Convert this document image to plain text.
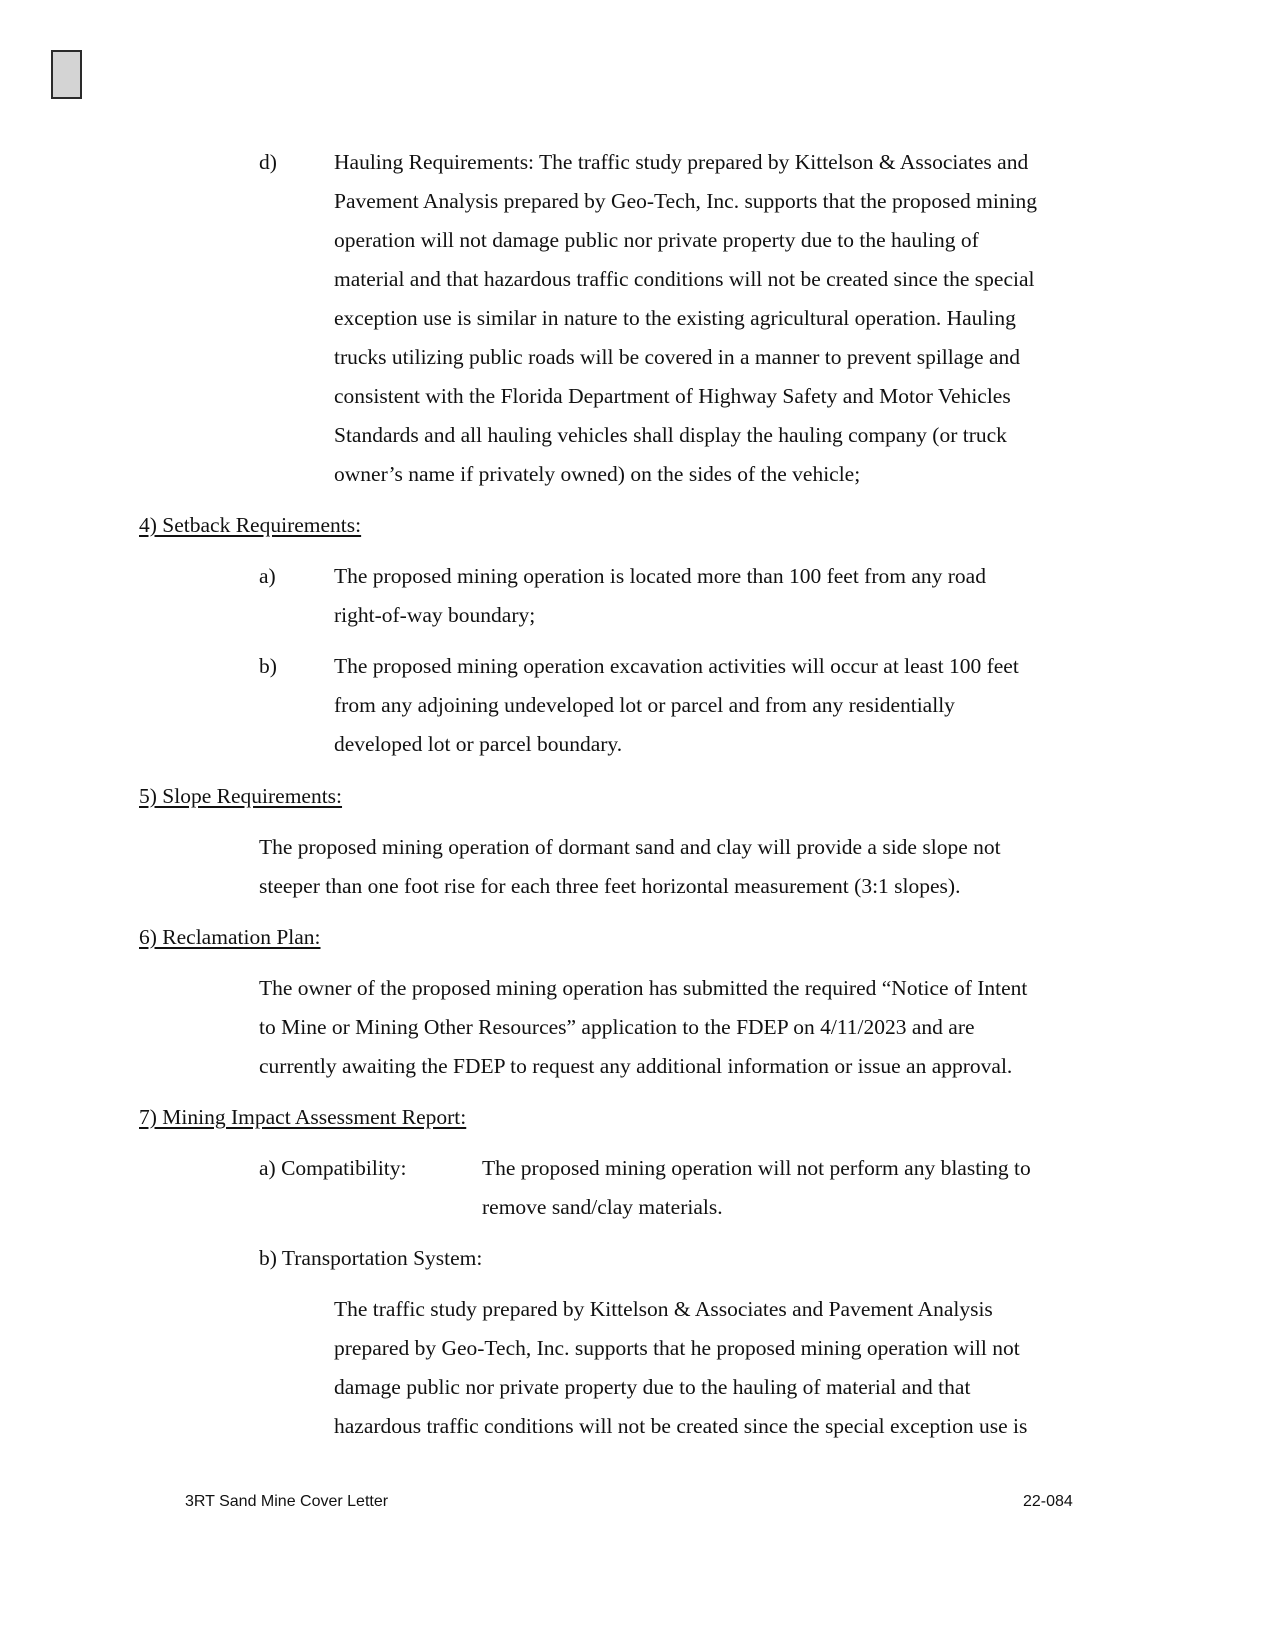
d)	Hauling Requirements: The traffic study prepared by Kittelson & Associates and
Pavement Analysis prepared by Geo-Tech, Inc. supports that the proposed mining
operation will not damage public nor private property due to the hauling of
material and that hazardous traffic conditions will not be created since the special
exception use is similar in nature to the existing agricultural operation. Hauling
trucks utilizing public roads will be covered in a manner to prevent spillage and
consistent with the Florida Department of Highway Safety and Motor Vehicles
Standards and all hauling vehicles shall display the hauling company (or truck
owner’s name if privately owned) on the sides of the vehicle;
4) Setback Requirements:
a)	The proposed mining operation is located more than 100 feet from any road
right-of-way boundary;
b)	The proposed mining operation excavation activities will occur at least 100 feet
from any adjoining undeveloped lot or parcel and from any residentially
developed lot or parcel boundary.
5) Slope Requirements:
The proposed mining operation of dormant sand and clay will provide a side slope not
steeper than one foot rise for each three feet horizontal measurement (3:1 slopes).
6) Reclamation Plan:
The owner of the proposed mining operation has submitted the required “Notice of Intent
to Mine or Mining Other Resources” application to the FDEP on 4/11/2023 and are
currently awaiting the FDEP to request any additional information or issue an approval.
7) Mining Impact Assessment Report:
a) Compatibility:	The proposed mining operation will not perform any blasting to
remove sand/clay materials.
b) Transportation System:
The traffic study prepared by Kittelson & Associates and Pavement Analysis
prepared by Geo-Tech, Inc. supports that he proposed mining operation will not
damage public nor private property due to the hauling of material and that
hazardous traffic conditions will not be created since the special exception use is
3RT Sand Mine Cover Letter	22-084
